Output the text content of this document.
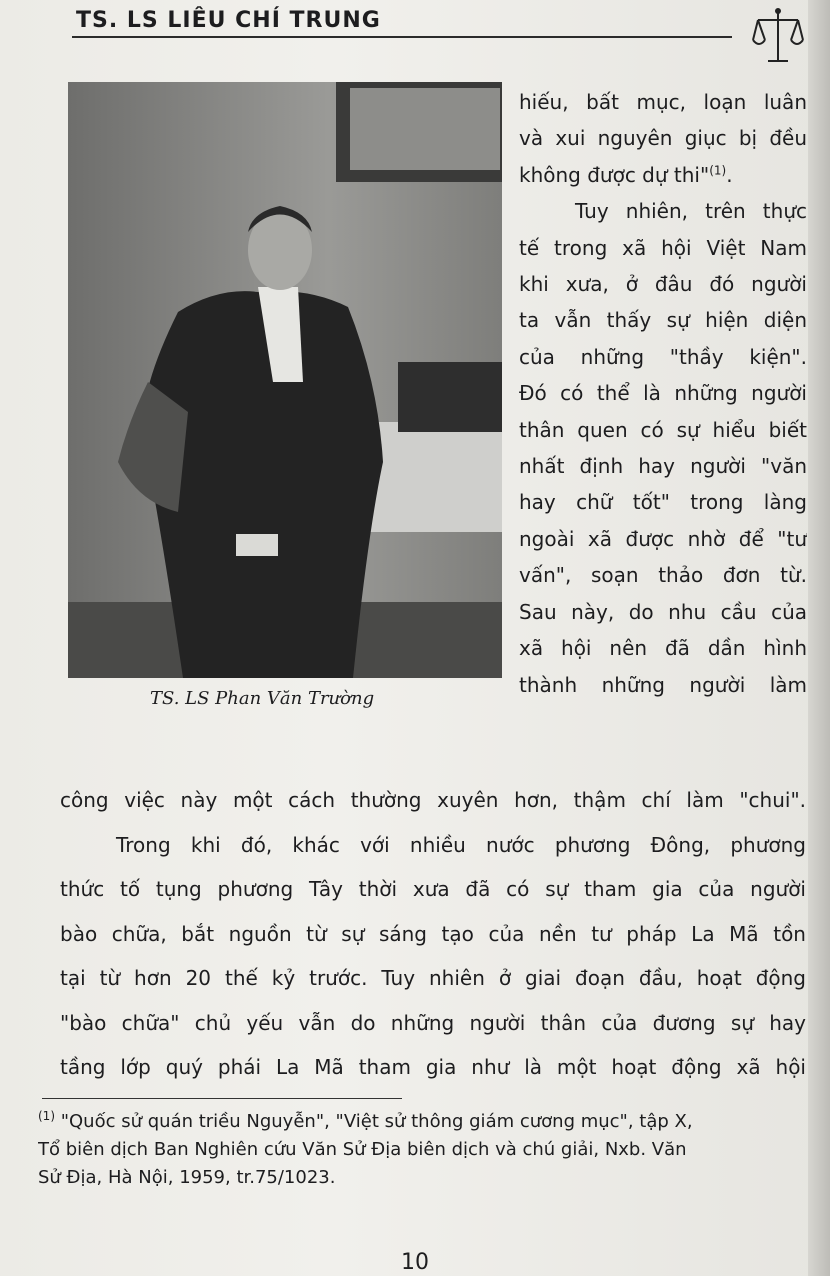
TS. LS LIÊU CHÍ TRUNG
TS. LS Phan Văn Trường
hiếu, bất mục, loạn luân
và xui nguyên giục bị đều
không được dự thi"$^{(1)}$.
Tuy nhiên, trên thực
tế trong xã hội Việt Nam
khi xưa, ở đâu đó người
ta vẫn thấy sự hiện diện
của những "thầy kiện".
Đó có thể là những người
thân quen có sự hiểu biết
nhất định hay người "văn
hay chữ tốt" trong làng
ngoài xã được nhờ để "tư
vấn", soạn thảo đơn từ.
Sau này, do nhu cầu của
xã hội nên đã dần hình
thành những người làm
công việc này một cách thường xuyên hơn, thậm chí làm "chui".
Trong khi đó, khác với nhiều nước phương Đông, phương
thức tố tụng phương Tây thời xưa đã có sự tham gia của người
bào chữa, bắt nguồn từ sự sáng tạo của nền tư pháp La Mã tồn
tại từ hơn 20 thế kỷ trước. Tuy nhiên ở giai đoạn đầu, hoạt động
"bào chữa" chủ yếu vẫn do những người thân của đương sự hay
tầng lớp quý phái La Mã tham gia như là một hoạt động xã hội
$^{(1)}$ "Quốc sử quán triều Nguyễn", "Việt sử thông giám cương mục", tập X,
Tổ biên dịch Ban Nghiên cứu Văn Sử Địa biên dịch và chú giải, Nxb. Văn
Sử Địa, Hà Nội, 1959, tr.75/1023.
10
